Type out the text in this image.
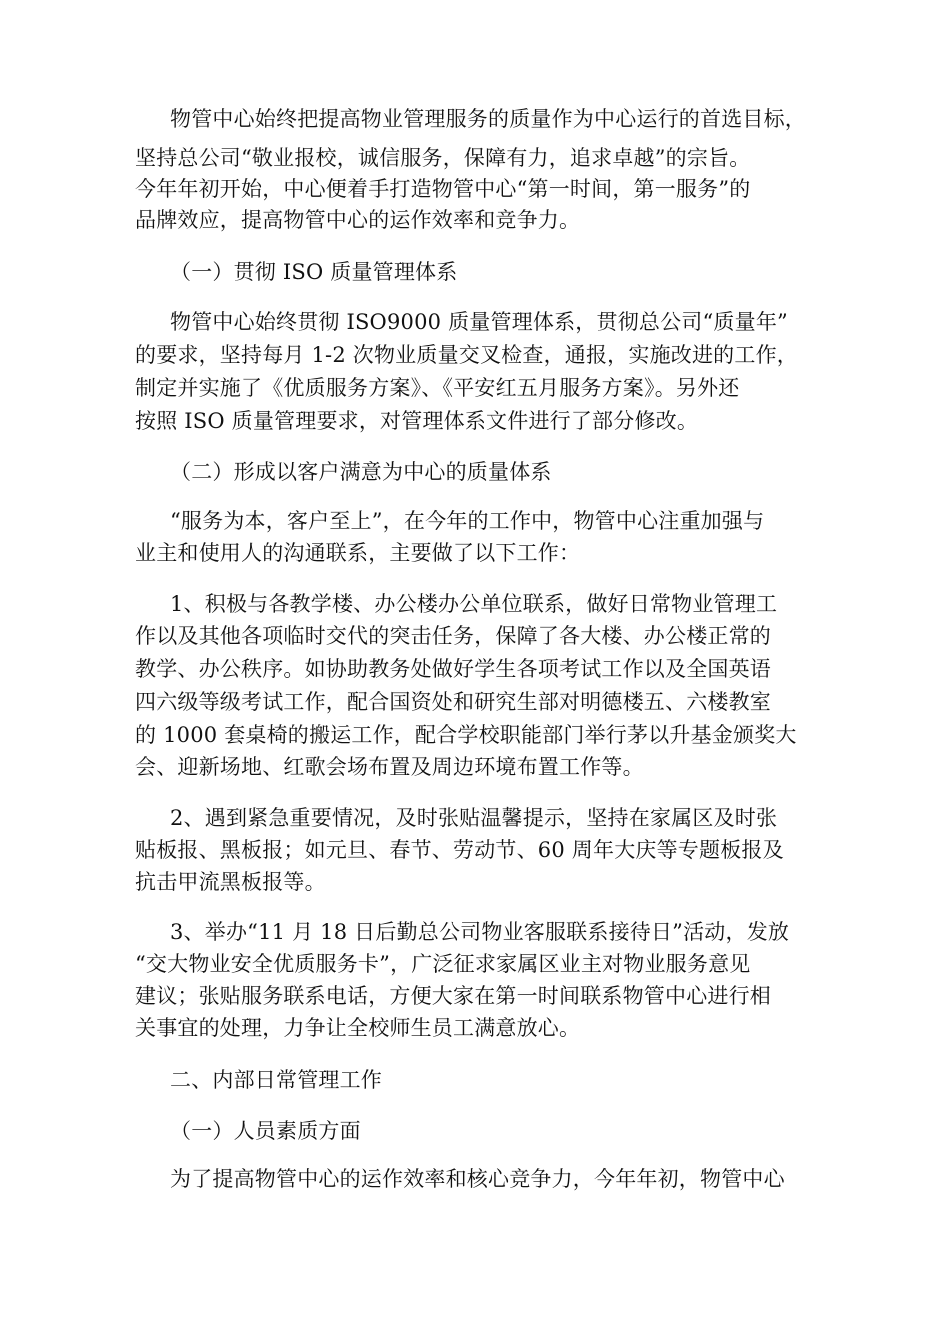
物管中心始终把提高物业管理服务的质量作为中心运行的首选目标，
坚持总公司“敬业报校，诚信服务，保障有力，追求卓越”的宗旨。
今年年初开始，中心便着手打造物管中心“第一时间，第一服务”的
品牌效应，提高物管中心的运作效率和竞争力。
（一）贯彻 ISO 质量管理体系
物管中心始终贯彻 ISO9000 质量管理体系，贯彻总公司“质量年”
的要求，坚持每月 1-2 次物业质量交叉检查，通报，实施改进的工作，
制定并实施了《优质服务方案》、《平安红五月服务方案》。另外还
按照 ISO 质量管理要求，对管理体系文件进行了部分修改。
（二）形成以客户满意为中心的质量体系
“服务为本，客户至上”，在今年的工作中，物管中心注重加强与
业主和使用人的沟通联系，主要做了以下工作：
1、积极与各教学楼、办公楼办公单位联系，做好日常物业管理工
作以及其他各项临时交代的突击任务，保障了各大楼、办公楼正常的
教学、办公秩序。如协助教务处做好学生各项考试工作以及全国英语
四六级等级考试工作，配合国资处和研究生部对明德楼五、六楼教室
的 1000 套桌椅的搬运工作，配合学校职能部门举行茅以升基金颁奖大
会、迎新场地、红歌会场布置及周边环境布置工作等。
2、遇到紧急重要情况，及时张贴温馨提示，坚持在家属区及时张
贴板报、黑板报；如元旦、春节、劳动节、60 周年大庆等专题板报及
抗击甲流黑板报等。
3、举办“11 月 18 日后勤总公司物业客服联系接待日”活动，发放
“交大物业安全优质服务卡”，广泛征求家属区业主对物业服务意见
建议；张贴服务联系电话，方便大家在第一时间联系物管中心进行相
关事宜的处理，力争让全校师生员工满意放心。
二、内部日常管理工作
（一）人员素质方面
为了提高物管中心的运作效率和核心竞争力，今年年初，物管中心
